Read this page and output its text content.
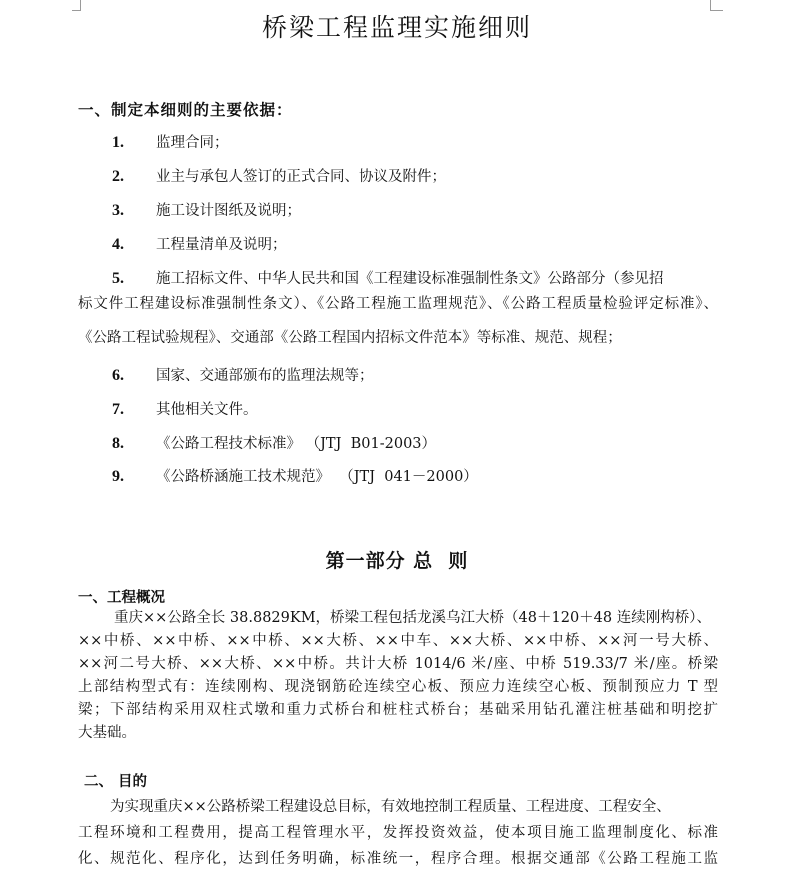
桥梁工程监理实施细则
一、制定本细则的主要依据：
1. 监理合同；
2. 业主与承包人签订的正式合同、协议及附件；
3. 施工设计图纸及说明；
4. 工程量清单及说明；
5. 施工招标文件、中华人民共和国《工程建设标准强制性条文》公路部分（参见招
标文件工程建设标准强制性条文）、《公路工程施工监理规范》、《公路工程质量检验评定标准》、
《公路工程试验规程》、交通部《公路工程国内招标文件范本》等标准、规范、规程；
6. 国家、交通部颁布的监理法规等；
7. 其他相关文件。
8. 《公路工程技术标准》 （JTJ  B01-2003）
9. 《公路桥涵施工技术规范》  （JTJ  041－2000）
第一部分 总  则
一、工程概况
重庆××公路全长 38.8829KM，桥梁工程包括龙溪乌江大桥（48＋120＋48 连续刚构桥）、
××中桥、××中桥、××中桥、××大桥、××中车、××大桥、××中桥、××河一号大桥、
××河二号大桥、××大桥、××中桥。共计大桥 1014/6 米/座、中桥 519.33/7 米/座。桥梁
上部结构型式有：连续刚构、现浇钢筋砼连续空心板、预应力连续空心板、预制预应力 T 型
梁；下部结构采用双柱式墩和重力式桥台和桩柱式桥台；基础采用钻孔灌注桩基础和明挖扩
大基础。
二、 目的
为实现重庆××公路桥梁工程建设总目标，有效地控制工程质量、工程进度、工程安全、
工程环境和工程费用，提高工程管理水平，发挥投资效益，使本项目施工监理制度化、标准
化、规范化、程序化，达到任务明确，标准统一，程序合理。根据交通部《公路工程施工监
